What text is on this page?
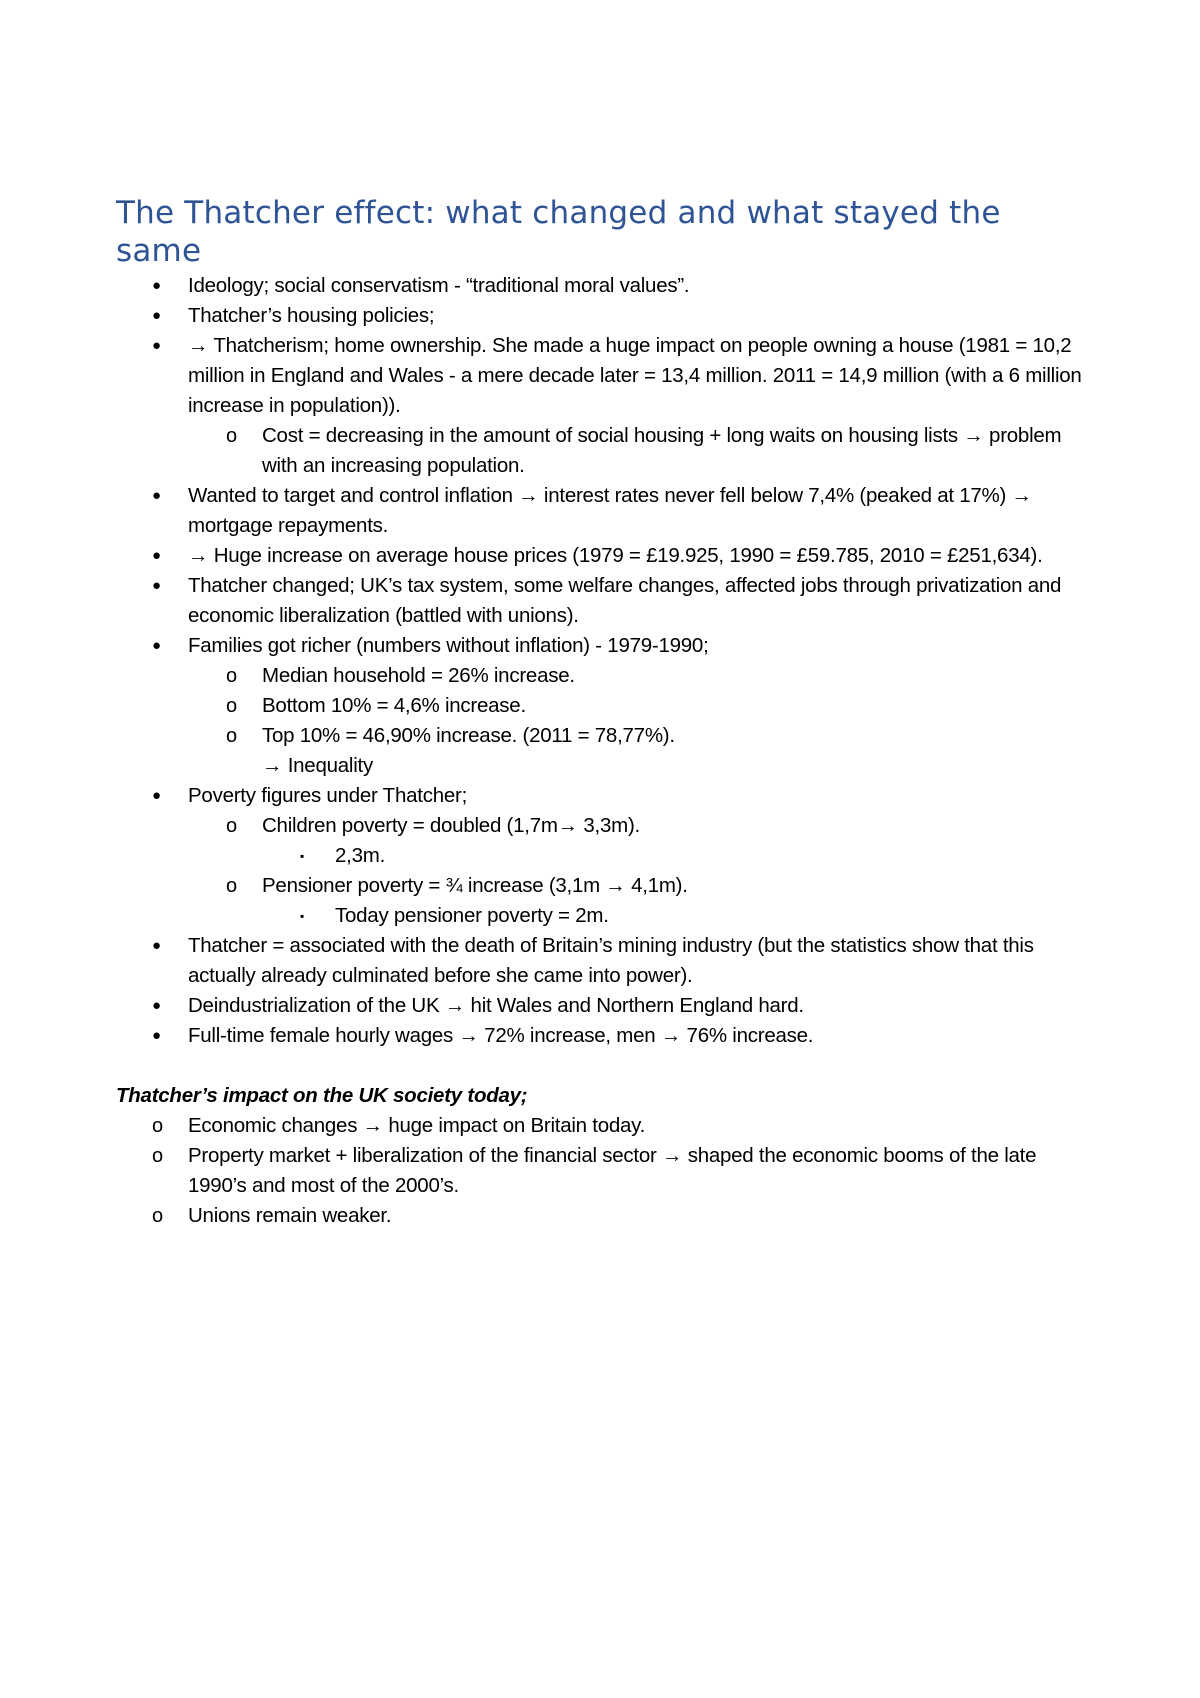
The Thatcher effect: what changed and what stayed the same
● Ideology; social conservatism - “traditional moral values”.
● Thatcher’s housing policies;
● → Thatcherism; home ownership. She made a huge impact on people owning a house (1981 = 10,2 million in England and Wales - a mere decade later = 13,4 million. 2011 = 14,9 million (with a 6 million increase in population)).
o Cost = decreasing in the amount of social housing + long waits on housing lists → problem with an increasing population.
● Wanted to target and control inflation → interest rates never fell below 7,4% (peaked at 17%) → mortgage repayments.
● → Huge increase on average house prices (1979 = £19.925, 1990 = £59.785, 2010 = £251,634).
● Thatcher changed; UK’s tax system, some welfare changes, affected jobs through privatization and economic liberalization (battled with unions).
● Families got richer (numbers without inflation) - 1979-1990;
o Median household = 26% increase.
o Bottom 10% = 4,6% increase.
o Top 10% = 46,90% increase. (2011 = 78,77%).
→ Inequality
● Poverty figures under Thatcher;
o Children poverty = doubled (1,7m→ 3,3m).
▪ 2,3m.
o Pensioner poverty = ¾ increase (3,1m → 4,1m).
▪ Today pensioner poverty = 2m.
● Thatcher = associated with the death of Britain’s mining industry (but the statistics show that this actually already culminated before she came into power).
● Deindustrialization of the UK → hit Wales and Northern England hard.
● Full-time female hourly wages → 72% increase, men → 76% increase.
Thatcher’s impact on the UK society today;
o Economic changes → huge impact on Britain today.
o Property market + liberalization of the financial sector → shaped the economic booms of the late 1990’s and most of the 2000’s.
o Unions remain weaker.
